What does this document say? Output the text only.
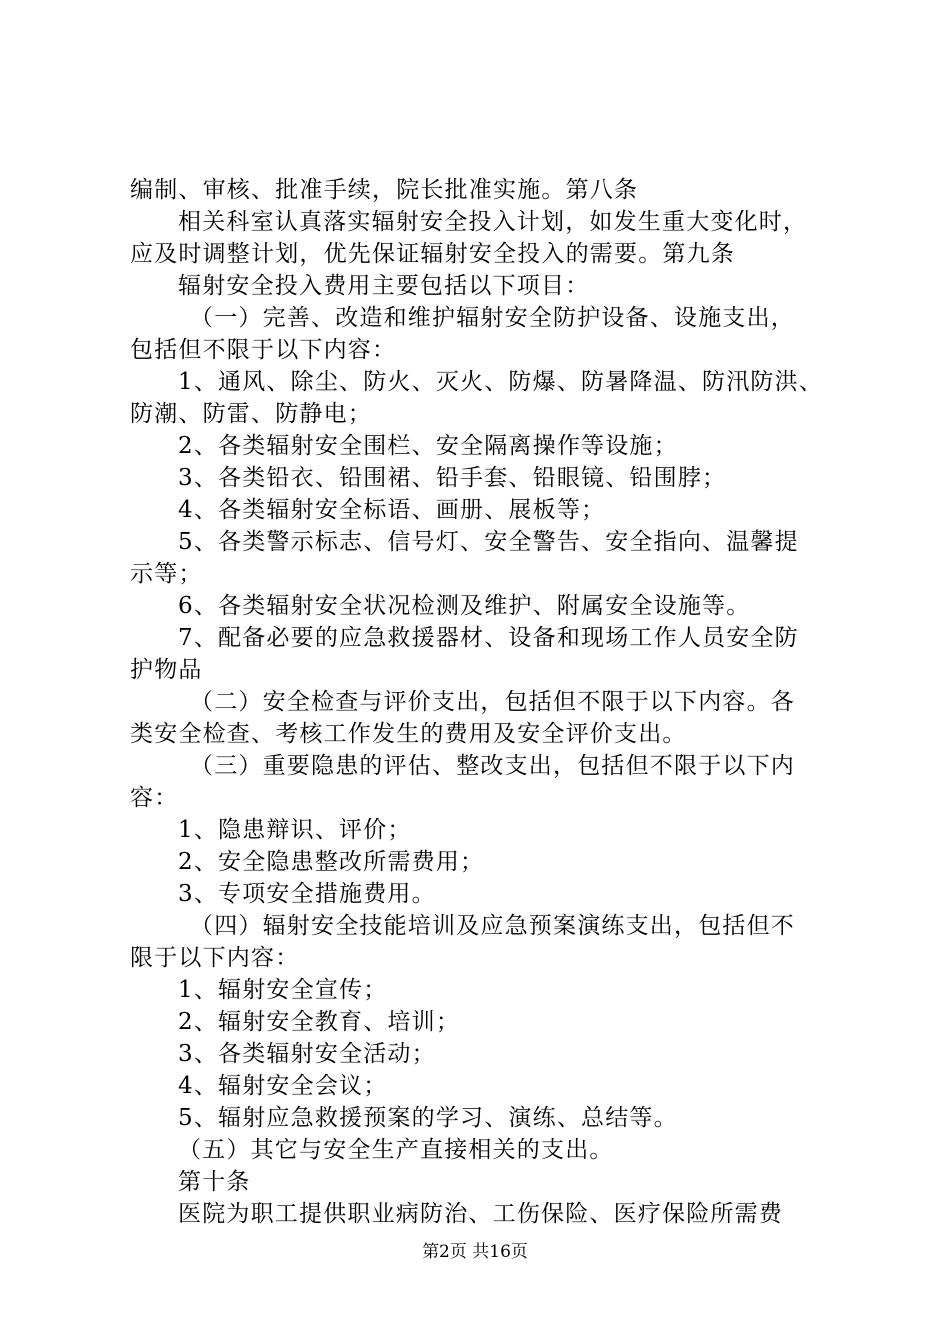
编制、审核、批准手续，院长批准实施。第八条
相关科室认真落实辐射安全投入计划，如发生重大变化时，
应及时调整计划，优先保证辐射安全投入的需要。第九条
辐射安全投入费用主要包括以下项目：
（一）完善、改造和维护辐射安全防护设备、设施支出，
包括但不限于以下内容：
1、通风、除尘、防火、灭火、防爆、防暑降温、防汛防洪、
防潮、防雷、防静电；
2、各类辐射安全围栏、安全隔离操作等设施；
3、各类铅衣、铅围裙、铅手套、铅眼镜、铅围脖；
4、各类辐射安全标语、画册、展板等；
5、各类警示标志、信号灯、安全警告、安全指向、温馨提
示等；
6、各类辐射安全状况检测及维护、附属安全设施等。
7、配备必要的应急救援器材、设备和现场工作人员安全防
护物品
（二）安全检查与评价支出，包括但不限于以下内容。各
类安全检查、考核工作发生的费用及安全评价支出。
（三）重要隐患的评估、整改支出，包括但不限于以下内
容：
1、隐患辩识、评价；
2、安全隐患整改所需费用；
3、专项安全措施费用。
（四）辐射安全技能培训及应急预案演练支出，包括但不
限于以下内容：
1、辐射安全宣传；
2、辐射安全教育、培训；
3、各类辐射安全活动；
4、辐射安全会议；
5、辐射应急救援预案的学习、演练、总结等。
（五）其它与安全生产直接相关的支出。
第十条
医院为职工提供职业病防治、工伤保险、医疗保险所需费
第2页 共16页
